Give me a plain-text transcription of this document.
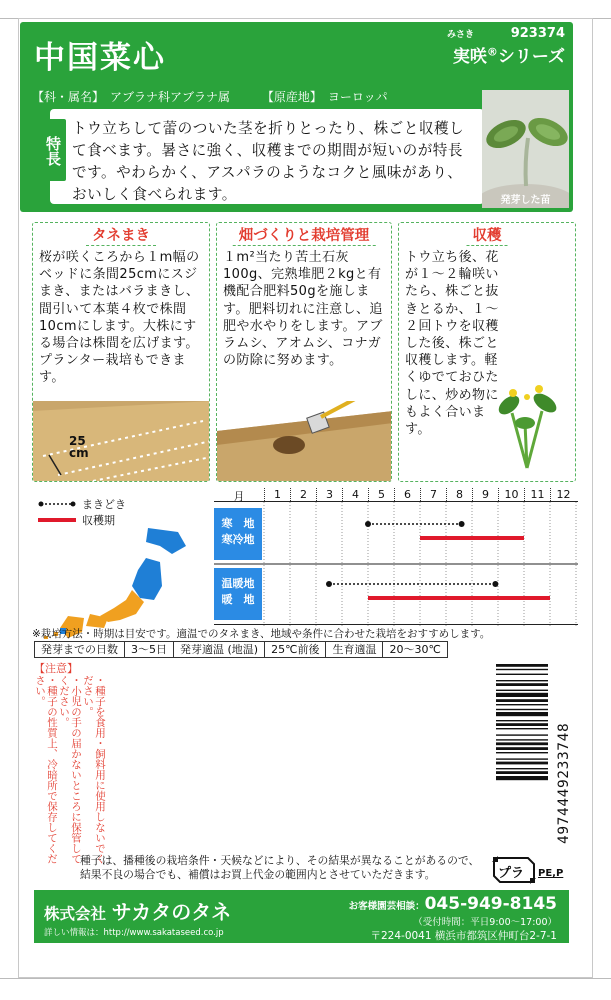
中国菜心
みさき	923374
実咲®シリーズ
【科・属名】 アブラナ科アブラナ属	【原産地】 ヨーロッパ
特長
トウ立ちして蕾のついた茎を折りとったり、株ごと収穫して食べます。暑さに強く、収穫までの期間が短いのが特長です。やわらかく、アスパラのようなコクと風味があり、おいしく食べられます。	発芽した苗
タネまき
桜が咲くころから１m幅のベッドに条間25cmにスジまき、またはバラまきし、間引いて本葉４枚で株間10cmにします。大株にする場合は株間を広げます。プランター栽培もできます。
25
cm
畑づくりと栽培管理
１m²当たり苦土石灰100g、完熟堆肥２kgと有機配合肥料50gを施します。肥料切れに注意し、追肥や水やりをします。アブラムシ、アオムシ、コナガの防除に努めます。
収穫
トウ立ち後、花が１～２輪咲いたら、株ごと抜きとるか、１～２回トウを収穫した後、株ごと収穫します。軽くゆでておひたしに、炒め物にもよく合います。
まきどき
収穫期
月	1	2	3	4	5	6	7	8	9	10	11	12
寒　地
寒冷地
温暖地
暖　地
※栽培方法・時期は目安です。適温でのタネまき、地域や条件に合わせた栽培をおすすめします。
発芽までの日数	3～5日	発芽適温 (地温)	25℃前後	生育適温	20～30℃
【注意】
・種子を食用・飼料用に使用しないでください。
・小児の手の届かないところに保管してください。
・種子の性質上、冷暗所で保存してください。
4974449233748
種子は、播種後の栽培条件・天候などにより、その結果が異なることがあるので、結果不良の場合でも、補償はお買上代金の範囲内とさせていただきます。	プラ PE,P
株式会社 サカタのタネ
詳しい情報は：http://www.sakataseed.co.jp
お客様園芸相談：045-949-8145
（受付時間：平日9:00～17:00）
〒224-0041 横浜市都筑区仲町台2-7-1
